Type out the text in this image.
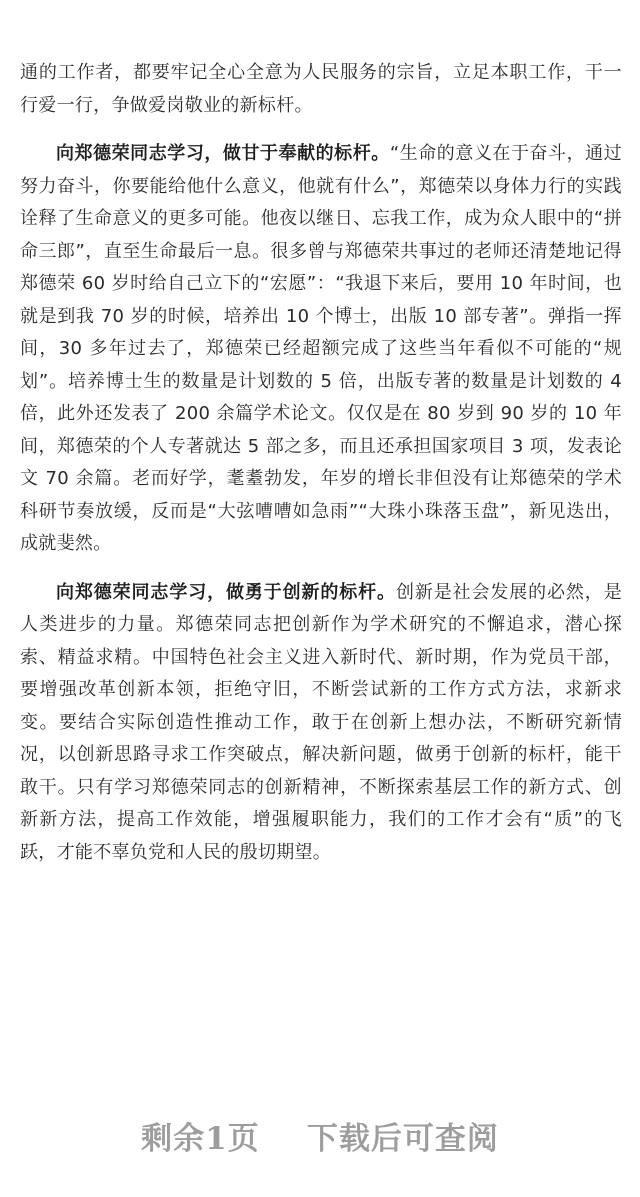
通的工作者，都要牢记全心全意为人民服务的宗旨，立足本职工作，干一行爱一行，争做爱岗敬业的新标杆。

向郑德荣同志学习，做甘于奉献的标杆。“生命的意义在于奋斗，通过努力奋斗，你要能给他什么意义，他就有什么”，郑德荣以身体力行的实践诠释了生命意义的更多可能。他夜以继日、忘我工作，成为众人眼中的“拼命三郎”，直至生命最后一息。很多曾与郑德荣共事过的老师还清楚地记得郑德荣 60 岁时给自己立下的“宏愿”：“我退下来后，要用 10 年时间，也就是到我 70 岁的时候，培养出 10 个博士，出版 10 部专著”。弹指一挥间，30 多年过去了，郑德荣已经超额完成了这些当年看似不可能的“规划”。培养博士生的数量是计划数的 5 倍，出版专著的数量是计划数的 4 倍，此外还发表了 200 余篇学术论文。仅仅是在 80 岁到 90 岁的 10 年间，郑德荣的个人专著就达 5 部之多，而且还承担国家项目 3 项，发表论文 70 余篇。老而好学，耄耋勃发，年岁的增长非但没有让郑德荣的学术科研节奏放缓，反而是“大弦嘈嘈如急雨”“大珠小珠落玉盘”，新见迭出，成就斐然。

向郑德荣同志学习，做勇于创新的标杆。创新是社会发展的必然，是人类进步的力量。郑德荣同志把创新作为学术研究的不懈追求，潜心探索、精益求精。中国特色社会主义进入新时代、新时期，作为党员干部，要增强改革创新本领，拒绝守旧，不断尝试新的工作方式方法，求新求变。要结合实际创造性推动工作，敢于在创新上想办法，不断研究新情况，以创新思路寻求工作突破点，解决新问题，做勇于创新的标杆，能干敢干。只有学习郑德荣同志的创新精神，不断探索基层工作的新方式、创新新方法，提高工作效能，增强履职能力，我们的工作才会有“质”的飞跃，才能不辜负党和人民的殷切期望。

剩余1页 下载后可查阅
